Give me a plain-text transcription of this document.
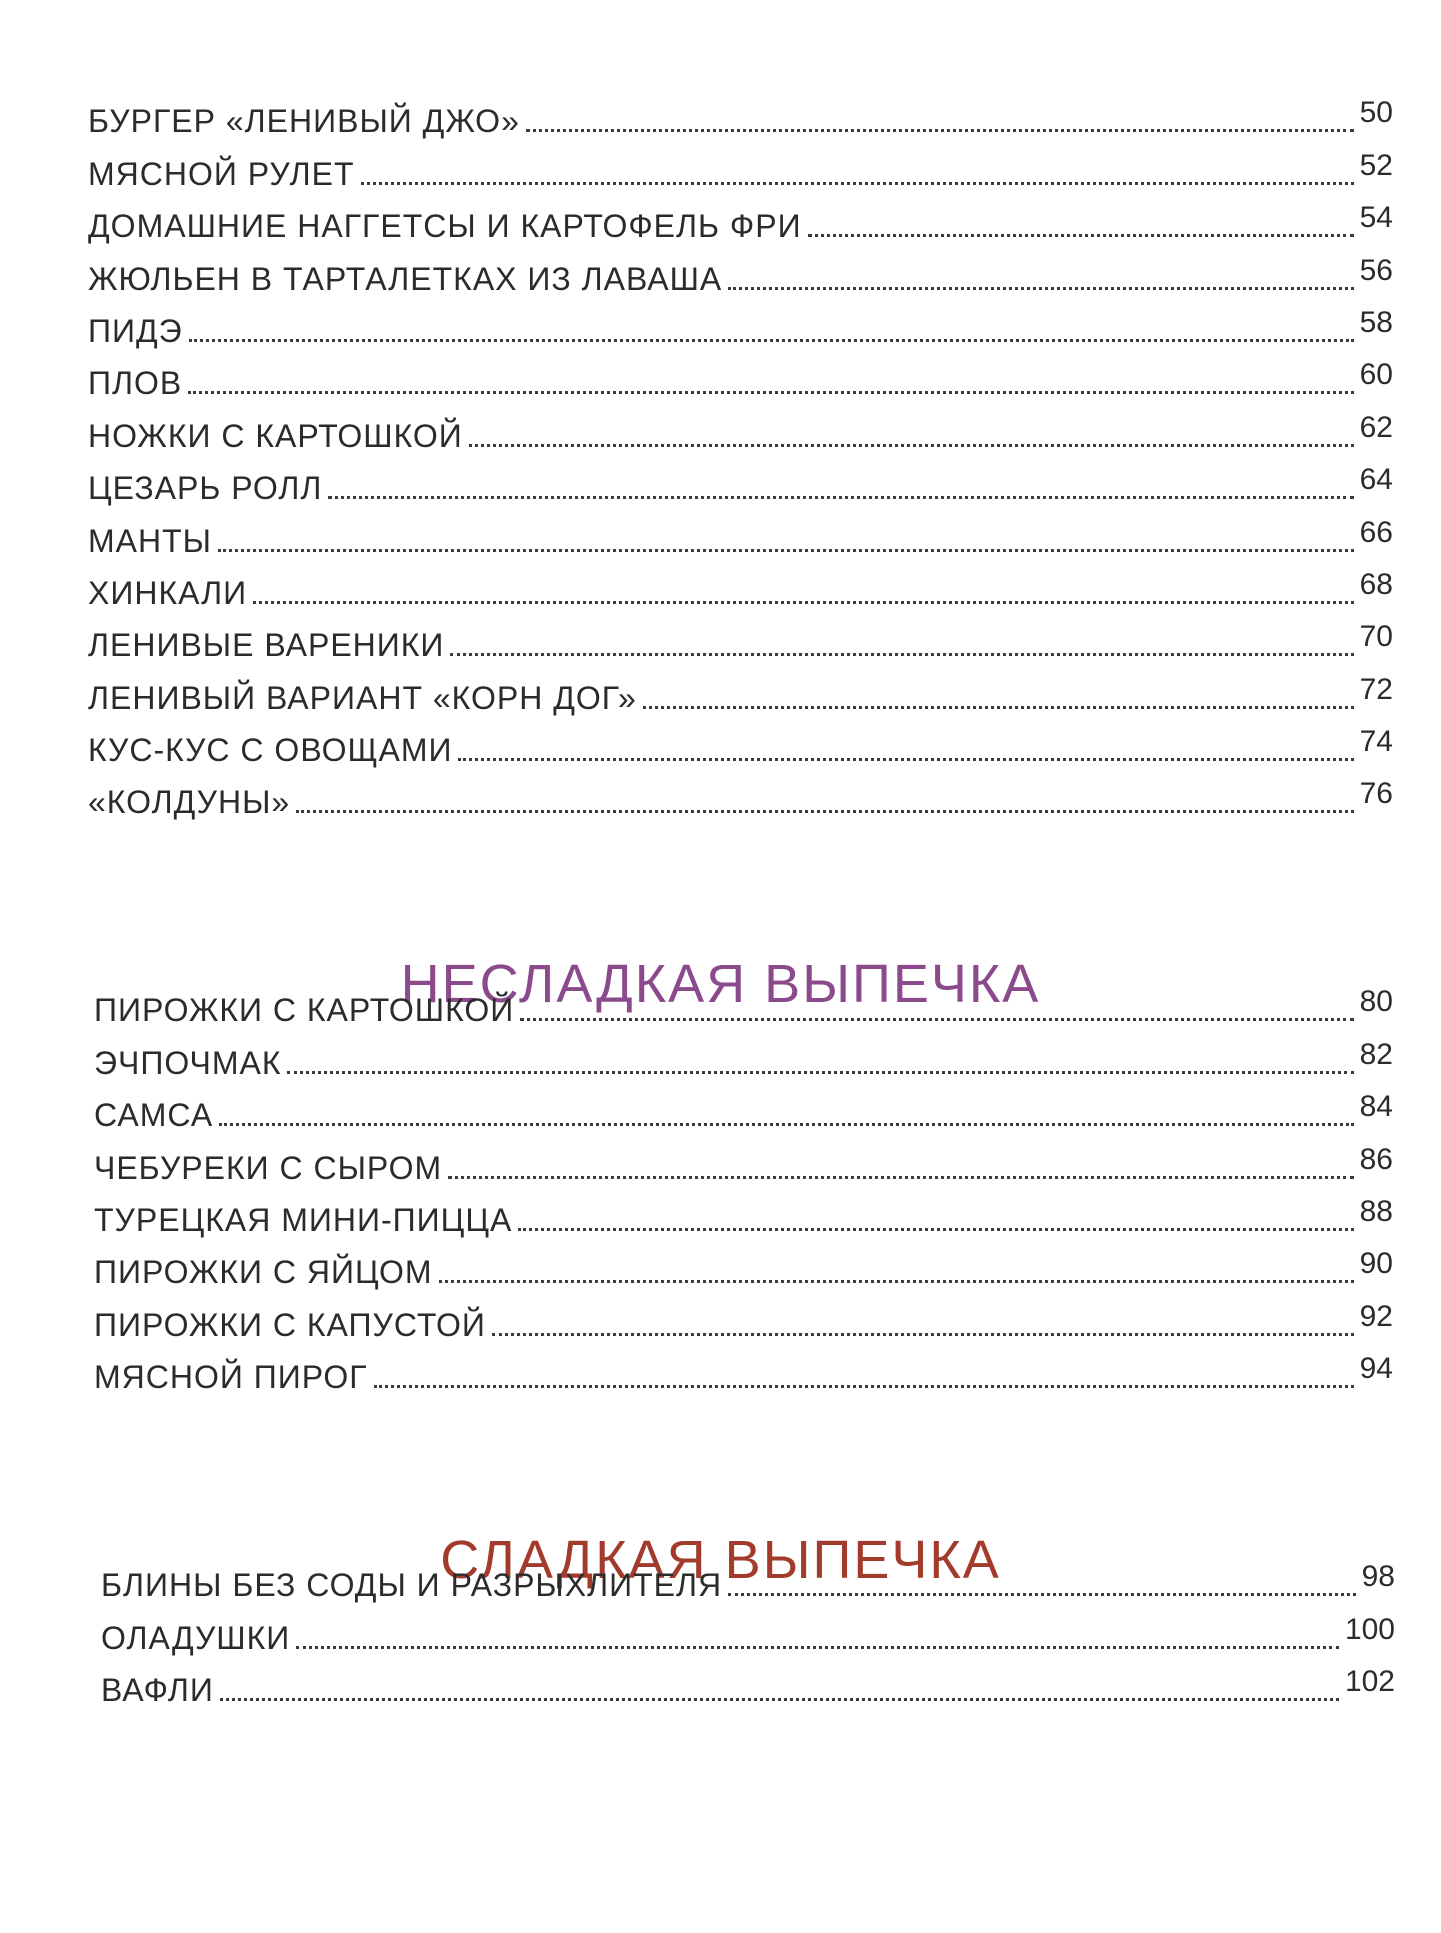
БУРГЕР «ЛЕНИВЫЙ ДЖО»	50
МЯСНОЙ РУЛЕТ	52
ДОМАШНИЕ НАГГЕТСЫ И КАРТОФЕЛЬ ФРИ	54
ЖЮЛЬЕН В ТАРТАЛЕТКАХ ИЗ ЛАВАША	56
ПИДЭ	58
ПЛОВ	60
НОЖКИ С КАРТОШКОЙ	62
ЦЕЗАРЬ РОЛЛ	64
МАНТЫ	66
ХИНКАЛИ	68
ЛЕНИВЫЕ ВАРЕНИКИ	70
ЛЕНИВЫЙ ВАРИАНТ «КОРН ДОГ»	72
КУС-КУС С ОВОЩАМИ	74
«КОЛДУНЫ»	76
НЕСЛАДКАЯ ВЫПЕЧКА
ПИРОЖКИ С КАРТОШКОЙ	80
ЭЧПОЧМАК	82
САМСА	84
ЧЕБУРЕКИ С СЫРОМ	86
ТУРЕЦКАЯ МИНИ-ПИЦЦА	88
ПИРОЖКИ С ЯЙЦОМ	90
ПИРОЖКИ С КАПУСТОЙ	92
МЯСНОЙ ПИРОГ	94
СЛАДКАЯ ВЫПЕЧКА
БЛИНЫ БЕЗ СОДЫ И РАЗРЫХЛИТЕЛЯ	98
ОЛАДУШКИ	100
ВАФЛИ	102
